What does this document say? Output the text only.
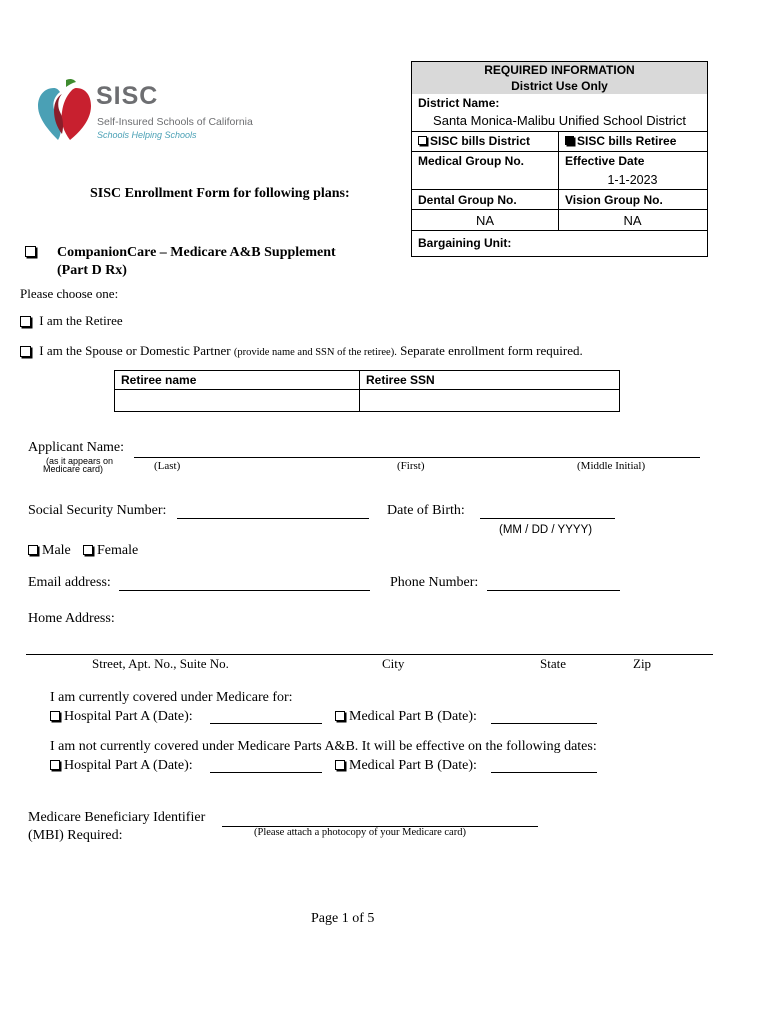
SISC
Self-Insured Schools of California
Schools Helping Schools
SISC Enrollment Form for following plans:
CompanionCare – Medicare A&B Supplement
(Part D Rx)
REQUIRED INFORMATION
District Use Only
District Name:
Santa Monica-Malibu Unified School District
SISC bills District	SISC bills Retiree
Medical Group No.	Effective Date
1-1-2023
Dental Group No.	Vision Group No.
NA	NA
Bargaining Unit:
Please choose one:
I am the Retiree
I am the Spouse or Domestic Partner (provide name and SSN of the retiree). Separate enrollment form required.
Retiree name	Retiree SSN
Applicant Name:
(as it appears on
Medicare card)	(Last)	(First)	(Middle Initial)
Social Security Number:	Date of Birth:
(MM / DD / YYYY)
Male	Female
Email address:	Phone Number:
Home Address:
Street, Apt. No., Suite No.	City	State	Zip
I am currently covered under Medicare for:
Hospital Part A (Date):	Medical Part B (Date):
I am not currently covered under Medicare Parts A&B. It will be effective on the following dates:
Hospital Part A (Date):	Medical Part B (Date):
Medicare Beneficiary Identifier
(MBI) Required:	(Please attach a photocopy of your Medicare card)
Page 1 of 5
